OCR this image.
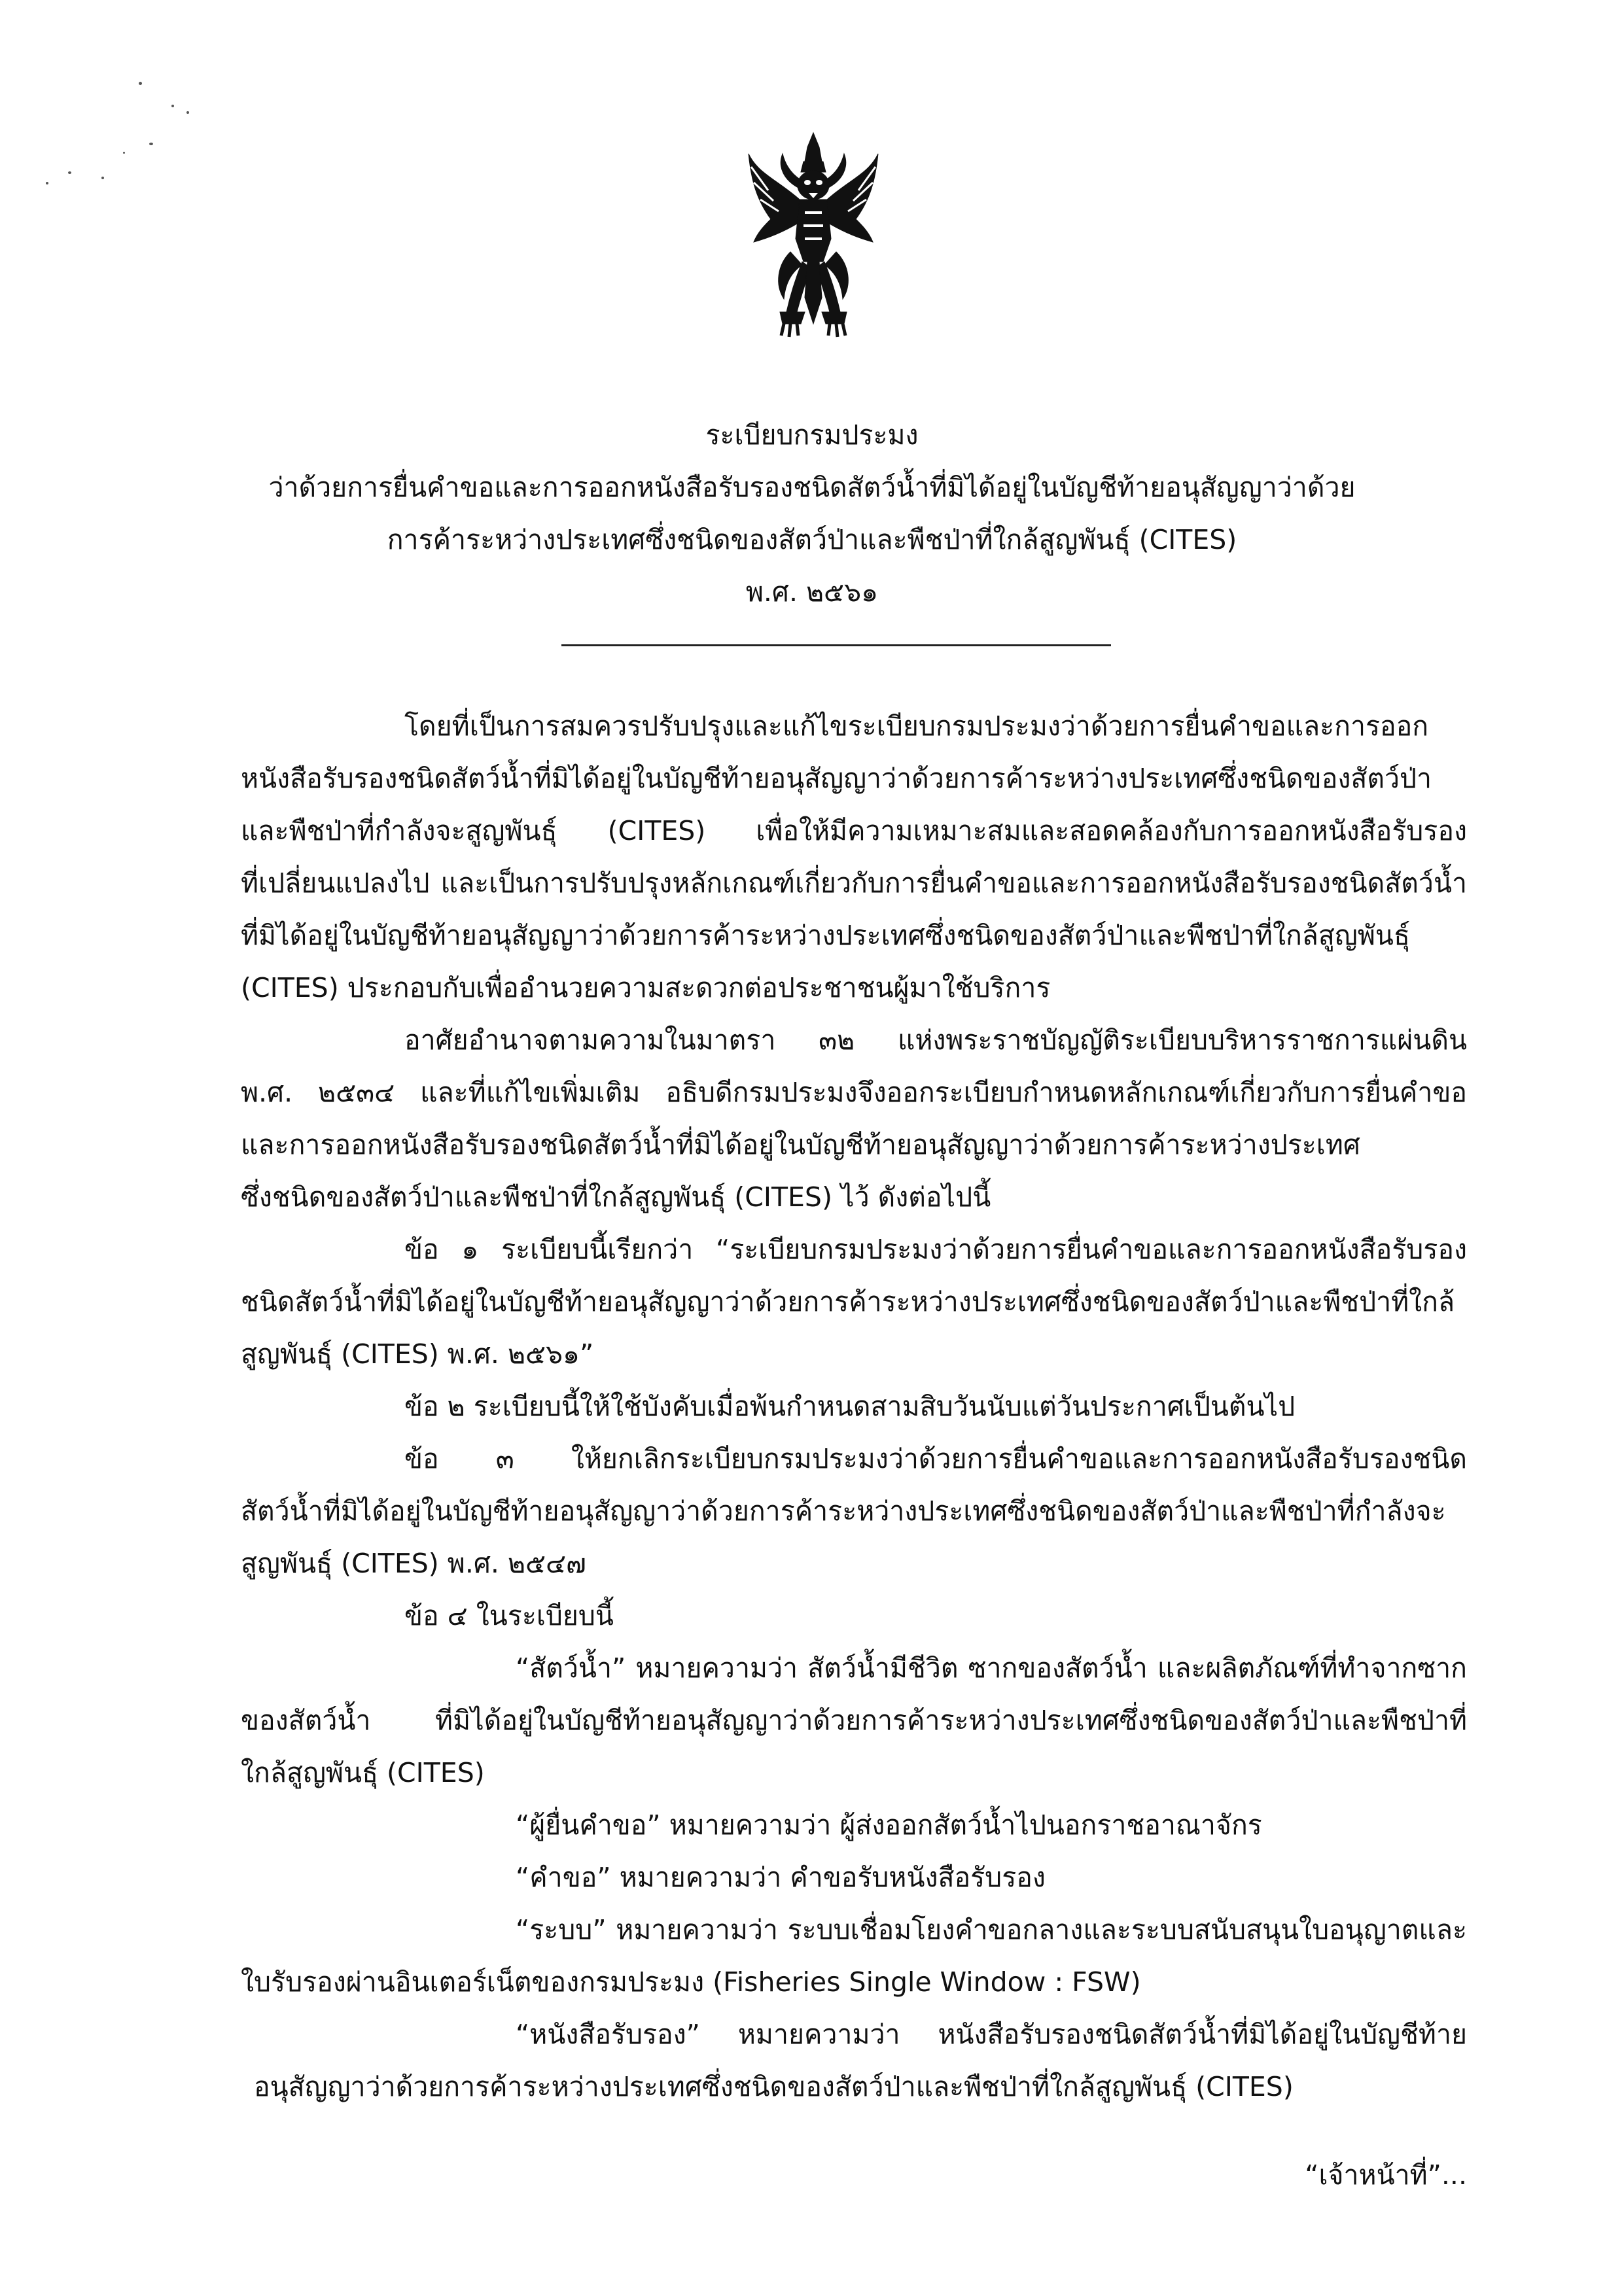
ระเบียบกรมประมง
ว่าด้วยการยื่นคำขอและการออกหนังสือรับรองชนิดสัตว์น้ำที่มิได้อยู่ในบัญชีท้ายอนุสัญญาว่าด้วย
การค้าระหว่างประเทศซึ่งชนิดของสัตว์ป่าและพืชป่าที่ใกล้สูญพันธุ์ (CITES)
พ.ศ. ๒๕๖๑
โดยที่เป็นการสมควรปรับปรุงและแก้ไขระเบียบกรมประมงว่าด้วยการยื่นคำขอและการออก
หนังสือรับรองชนิดสัตว์น้ำที่มิได้อยู่ในบัญชีท้ายอนุสัญญาว่าด้วยการค้าระหว่างประเทศซึ่งชนิดของสัตว์ป่า
และพืชป่าที่กำลังจะสูญพันธุ์ (CITES) เพื่อให้มีความเหมาะสมและสอดคล้องกับการออกหนังสือรับรอง
ที่เปลี่ยนแปลงไป และเป็นการปรับปรุงหลักเกณฑ์เกี่ยวกับการยื่นคำขอและการออกหนังสือรับรองชนิดสัตว์น้ำ
ที่มิได้อยู่ในบัญชีท้ายอนุสัญญาว่าด้วยการค้าระหว่างประเทศซึ่งชนิดของสัตว์ป่าและพืชป่าที่ใกล้สูญพันธุ์
(CITES) ประกอบกับเพื่ออำนวยความสะดวกต่อประชาชนผู้มาใช้บริการ
อาศัยอำนาจตามความในมาตรา ๓๒ แห่งพระราชบัญญัติระเบียบบริหารราชการแผ่นดิน
พ.ศ. ๒๕๓๔ และที่แก้ไขเพิ่มเติม อธิบดีกรมประมงจึงออกระเบียบกำหนดหลักเกณฑ์เกี่ยวกับการยื่นคำขอ
และการออกหนังสือรับรองชนิดสัตว์น้ำที่มิได้อยู่ในบัญชีท้ายอนุสัญญาว่าด้วยการค้าระหว่างประเทศ
ซึ่งชนิดของสัตว์ป่าและพืชป่าที่ใกล้สูญพันธุ์ (CITES) ไว้ ดังต่อไปนี้
ข้อ ๑ ระเบียบนี้เรียกว่า “ระเบียบกรมประมงว่าด้วยการยื่นคำขอและการออกหนังสือรับรอง
ชนิดสัตว์น้ำที่มิได้อยู่ในบัญชีท้ายอนุสัญญาว่าด้วยการค้าระหว่างประเทศซึ่งชนิดของสัตว์ป่าและพืชป่าที่ใกล้
สูญพันธุ์ (CITES) พ.ศ. ๒๕๖๑”
ข้อ ๒ ระเบียบนี้ให้ใช้บังคับเมื่อพ้นกำหนดสามสิบวันนับแต่วันประกาศเป็นต้นไป
ข้อ ๓ ให้ยกเลิกระเบียบกรมประมงว่าด้วยการยื่นคำขอและการออกหนังสือรับรองชนิด
สัตว์น้ำที่มิได้อยู่ในบัญชีท้ายอนุสัญญาว่าด้วยการค้าระหว่างประเทศซึ่งชนิดของสัตว์ป่าและพืชป่าที่กำลังจะ
สูญพันธุ์ (CITES) พ.ศ. ๒๕๔๗
ข้อ ๔ ในระเบียบนี้
“สัตว์น้ำ” หมายความว่า สัตว์น้ำมีชีวิต ซากของสัตว์น้ำ และผลิตภัณฑ์ที่ทำจากซาก
ของสัตว์น้ำ ที่มิได้อยู่ในบัญชีท้ายอนุสัญญาว่าด้วยการค้าระหว่างประเทศซึ่งชนิดของสัตว์ป่าและพืชป่าที่
ใกล้สูญพันธุ์ (CITES)
“ผู้ยื่นคำขอ” หมายความว่า ผู้ส่งออกสัตว์น้ำไปนอกราชอาณาจักร
“คำขอ” หมายความว่า คำขอรับหนังสือรับรอง
“ระบบ” หมายความว่า ระบบเชื่อมโยงคำขอกลางและระบบสนับสนุนใบอนุญาตและ
ใบรับรองผ่านอินเตอร์เน็ตของกรมประมง (Fisheries Single Window : FSW)
“หนังสือรับรอง” หมายความว่า หนังสือรับรองชนิดสัตว์น้ำที่มิได้อยู่ในบัญชีท้าย
อนุสัญญาว่าด้วยการค้าระหว่างประเทศซึ่งชนิดของสัตว์ป่าและพืชป่าที่ใกล้สูญพันธุ์ (CITES)
“เจ้าหน้าที่”...
